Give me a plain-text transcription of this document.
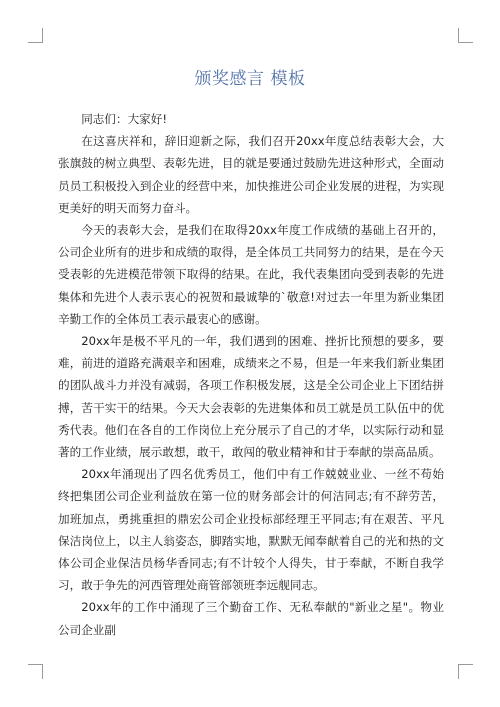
颁奖感言 模板

同志们：大家好!

在这喜庆祥和，辞旧迎新之际，我们召开20xx年度总结表彰大会，大张旗鼓的树立典型、表彰先进，目的就是要通过鼓励先进这种形式，全面动员员工积极投入到企业的经营中来，加快推进公司企业发展的进程，为实现更美好的明天而努力奋斗。

今天的表彰大会，是我们在取得20xx年度工作成绩的基础上召开的，公司企业所有的进步和成绩的取得，是全体员工共同努力的结果，是在今天受表彰的先进模范带领下取得的结果。在此，我代表集团向受到表彰的先进集体和先进个人表示衷心的祝贺和最诚挚的`敬意!对过去一年里为新业集团辛勤工作的全体员工表示最衷心的感谢。

20xx年是极不平凡的一年，我们遇到的困难、挫折比预想的要多，要难，前进的道路充满艰辛和困难，成绩来之不易，但是一年来我们新业集团的团队战斗力并没有减弱，各项工作积极发展，这是全公司企业上下团结拼搏，苦干实干的结果。今天大会表彰的先进集体和员工就是员工队伍中的优秀代表。他们在各自的工作岗位上充分展示了自己的才华，以实际行动和显著的工作业绩，展示敢想，敢干，敢闯的敬业精神和甘于奉献的崇高品质。

20xx年涌现出了四名优秀员工，他们中有工作兢兢业业、一丝不苟始终把集团公司企业利益放在第一位的财务部会计的何洁同志;有不辞劳苦，加班加点，勇挑重担的鼎宏公司企业投标部经理王平同志;有在艰苦、平凡保洁岗位上，以主人翁姿态，脚踏实地，默默无闻奉献着自己的光和热的文体公司企业保洁员杨华香同志;有不计较个人得失，甘于奉献，不断自我学习，敢于争先的河西管理处商管部领班李远舰同志。

20xx年的工作中涌现了三个勤奋工作、无私奉献的"新业之星"。物业公司企业副
